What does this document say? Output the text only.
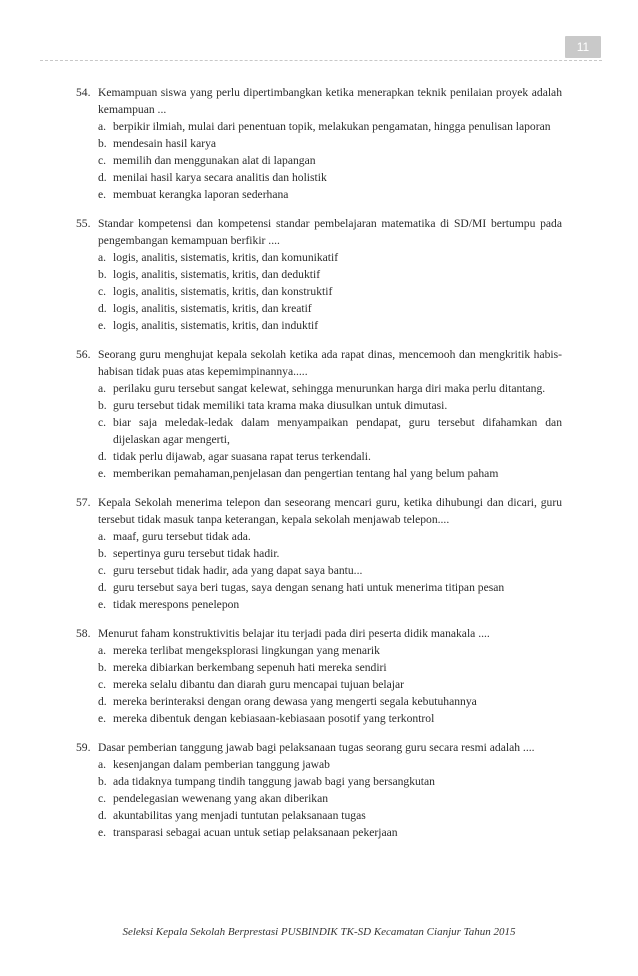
11
54. Kemampuan siswa yang perlu dipertimbangkan ketika menerapkan teknik penilaian proyek adalah kemampuan ...
a. berpikir ilmiah, mulai dari penentuan topik, melakukan pengamatan, hingga penulisan laporan
b. mendesain hasil karya
c. memilih dan menggunakan alat di lapangan
d. menilai hasil karya secara analitis dan holistik
e. membuat kerangka laporan sederhana
55. Standar kompetensi dan kompetensi standar pembelajaran matematika di SD/MI bertumpu pada pengembangan kemampuan berfikir ....
a. logis, analitis, sistematis, kritis, dan komunikatif
b. logis, analitis, sistematis, kritis, dan deduktif
c. logis, analitis, sistematis, kritis, dan konstruktif
d. logis, analitis, sistematis, kritis, dan kreatif
e. logis, analitis, sistematis, kritis, dan induktif
56. Seorang guru menghujat kepala sekolah ketika ada rapat dinas, mencemooh dan mengkritik habis-habisan tidak puas atas kepemimpinannya.....
a. perilaku guru tersebut sangat kelewat, sehingga menurunkan harga diri maka perlu ditantang.
b. guru tersebut tidak memiliki tata krama maka diusulkan untuk dimutasi.
c. biar saja meledak-ledak dalam menyampaikan pendapat, guru tersebut difahamkan dan dijelaskan agar mengerti,
d. tidak perlu dijawab, agar suasana rapat terus terkendali.
e. memberikan pemahaman,penjelasan dan pengertian tentang hal yang belum paham
57. Kepala Sekolah menerima telepon dan seseorang mencari guru, ketika dihubungi dan dicari, guru tersebut tidak masuk tanpa keterangan, kepala sekolah menjawab telepon....
a. maaf, guru tersebut tidak ada.
b. sepertinya guru tersebut tidak hadir.
c. guru tersebut tidak hadir, ada yang dapat saya bantu...
d. guru tersebut saya beri tugas, saya dengan senang hati untuk menerima titipan pesan
e. tidak merespons penelepon
58. Menurut faham konstruktivitis belajar itu terjadi pada diri peserta didik manakala ....
a. mereka terlibat mengeksplorasi lingkungan yang menarik
b. mereka dibiarkan berkembang sepenuh hati mereka sendiri
c. mereka selalu dibantu dan diarah guru mencapai tujuan belajar
d. mereka berinteraksi dengan orang dewasa yang mengerti segala kebutuhannya
e. mereka dibentuk dengan kebiasaan-kebiasaan posotif yang terkontrol
59. Dasar pemberian tanggung jawab bagi pelaksanaan tugas seorang guru secara resmi adalah ....
a. kesenjangan dalam pemberian tanggung jawab
b. ada tidaknya tumpang tindih tanggung jawab bagi yang bersangkutan
c. pendelegasian wewenang yang akan diberikan
d. akuntabilitas yang menjadi tuntutan pelaksanaan tugas
e. transparasi sebagai acuan untuk setiap pelaksanaan pekerjaan
Seleksi Kepala Sekolah Berprestasi PUSBINDIK TK-SD Kecamatan Cianjur Tahun 2015
